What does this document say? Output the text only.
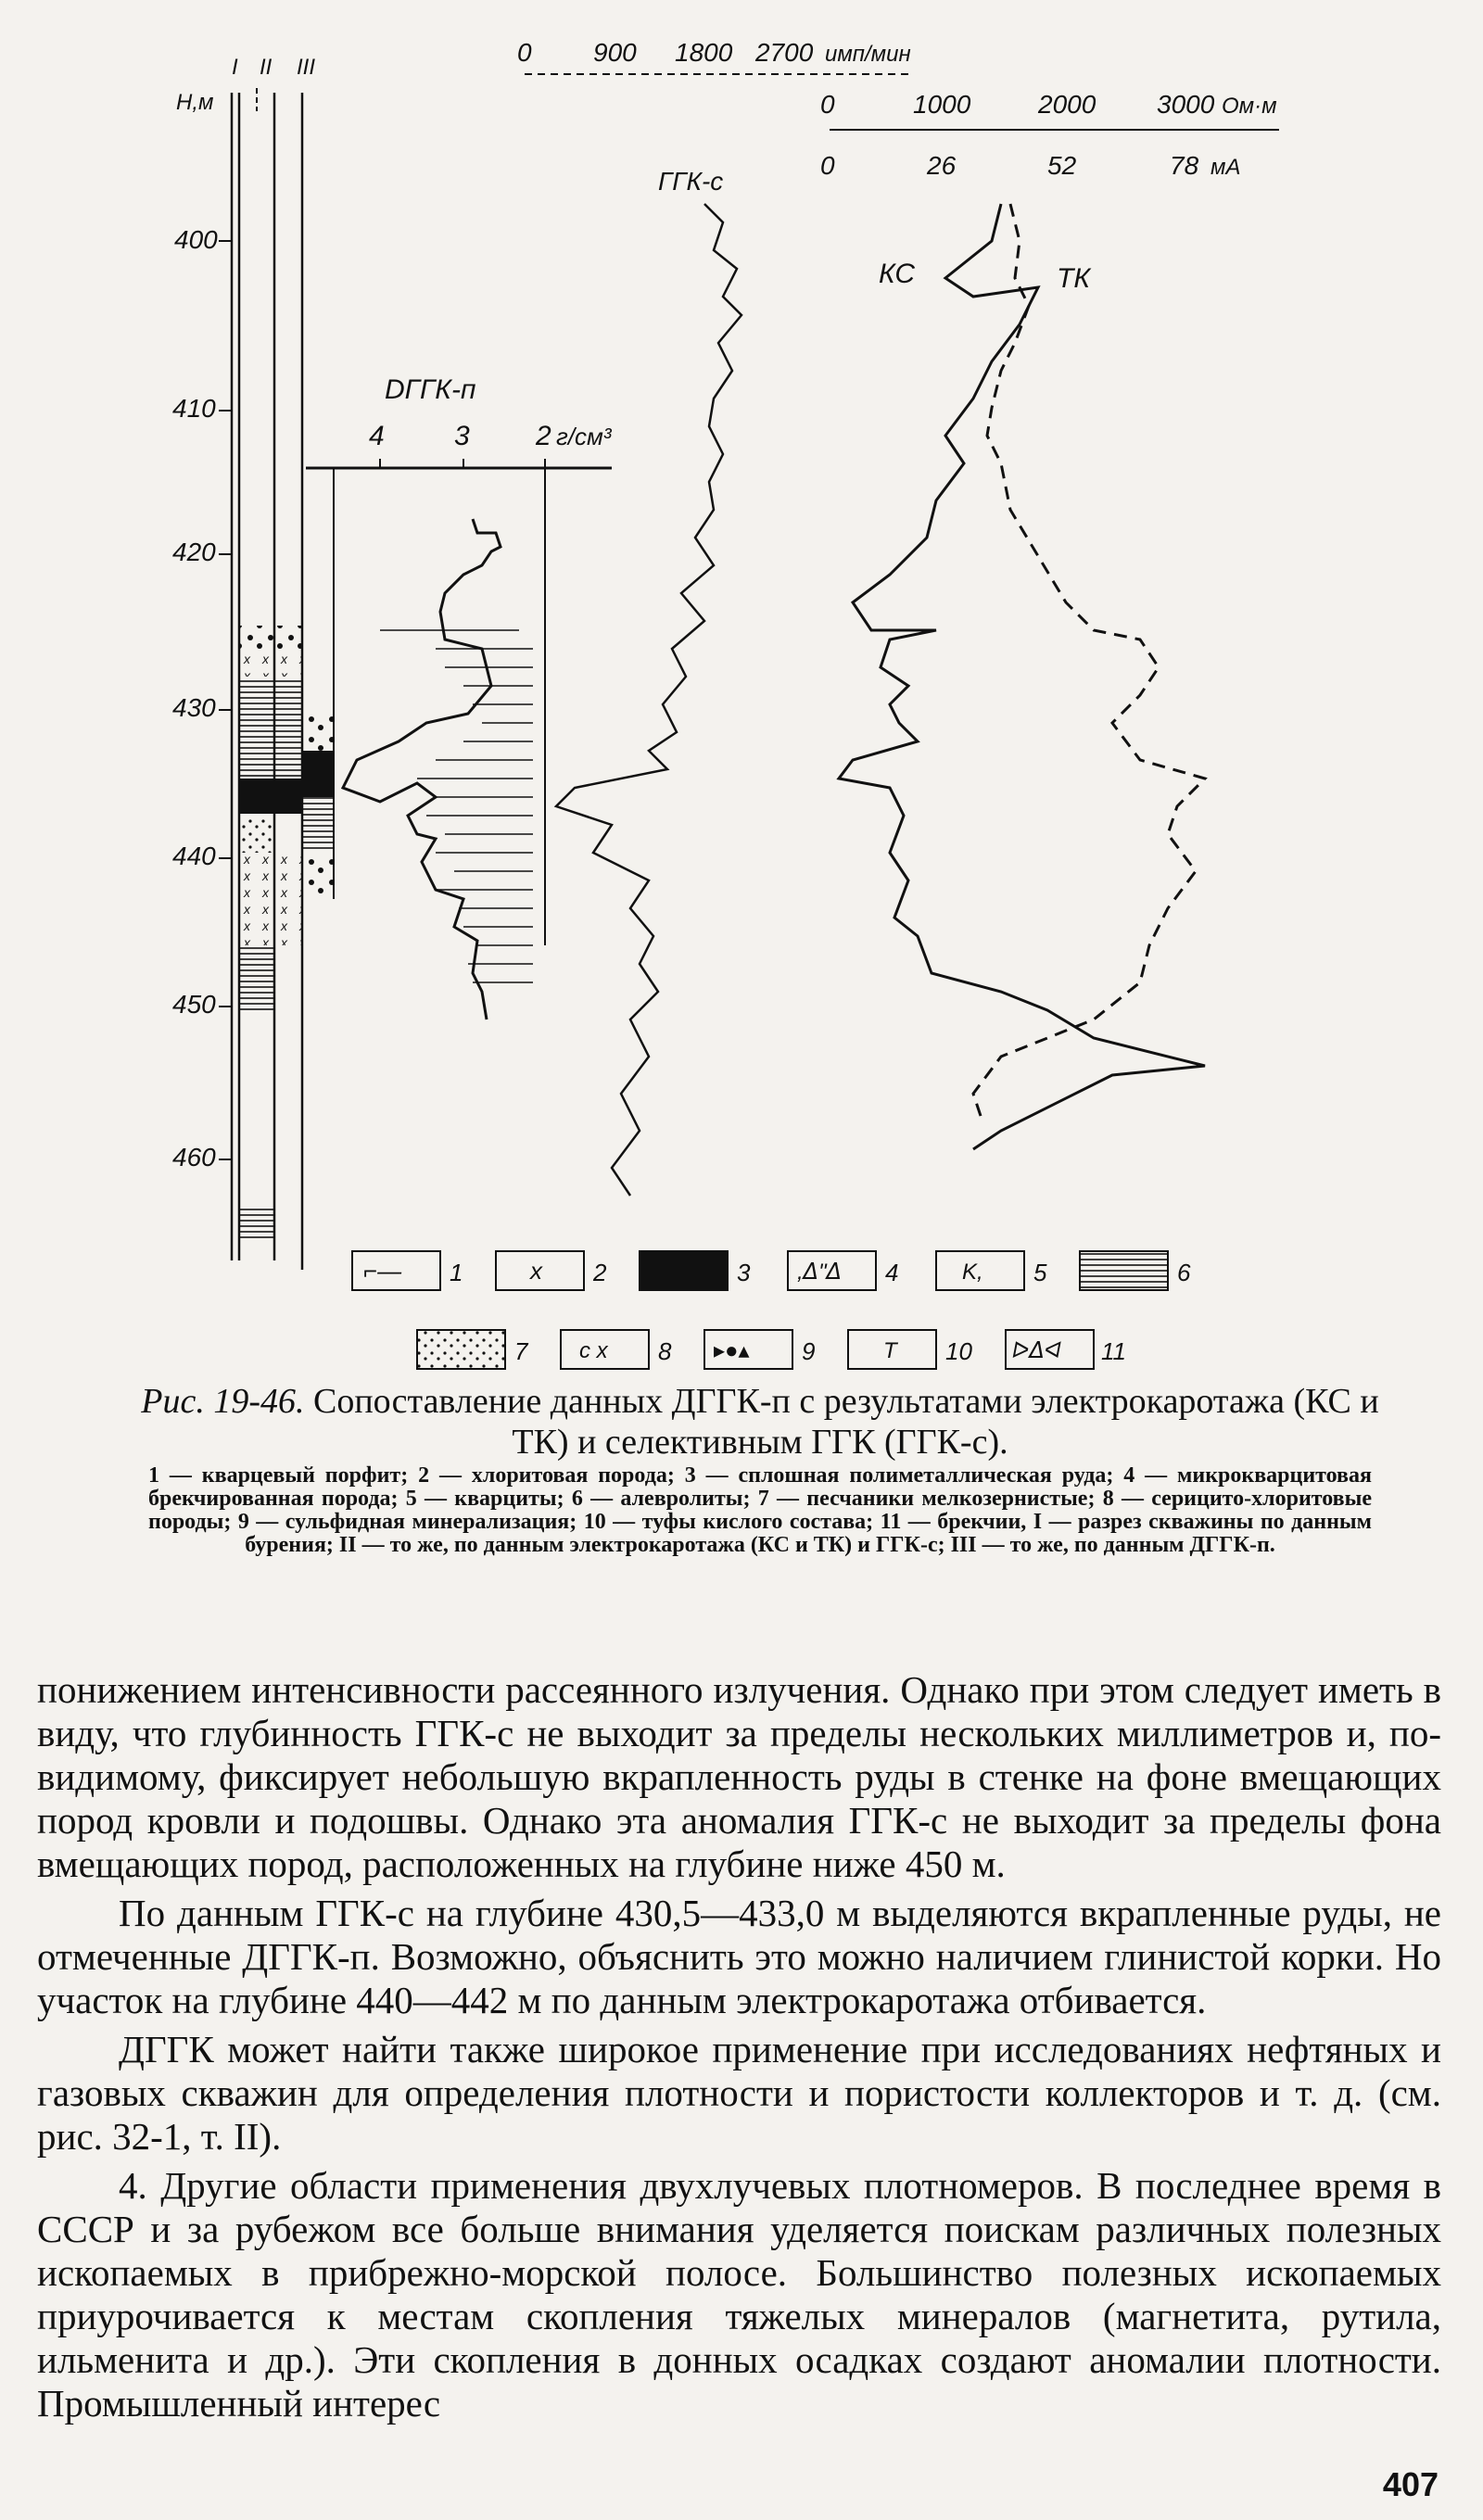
I II III
Н,м
400
410
420
430
440
450
460
0 900 1800 2700 имп/мин
0	1000	2000 3000 Ом·м
0	26	52	78 мА
DГГК-п
4	3 2 г/см³
ГГК-с
КС	ТК
⌐— 1	x 2	3 ,ᐃ"ᐃ 4	K, 5	6
7 c x 8 ▸●▴ 9	T 10 ᐅᐃᐊ 11
Рис. 19-46. Сопоставление данных ДГГК-п с результатами электрокаротажа (КС и ТК) и селективным ГГК (ГГК-с).
1 — кварцевый порфит; 2 — хлоритовая порода; 3 — сплошная полиметаллическая руда; 4 — микрокварцитовая брекчированная порода; 5 — кварциты; 6 — алевролиты; 7 — песчаники мелкозернистые; 8 — серицито-хлоритовые породы; 9 — сульфидная минерализация; 10 — туфы кислого состава; 11 — брекчии, I — разрез скважины по данным бурения; II — то же, по данным электрокаротажа (КС и ТК) и ГГК-с; III — то же, по данным ДГГК-п.

понижением интенсивности рассеянного излучения. Однако при этом следует иметь в виду, что глубинность ГГК-с не выходит за пределы нескольких миллиметров и, по-видимому, фиксирует небольшую вкрапленность руды в стенке на фоне вмещающих пород кровли и подошвы. Однако эта аномалия ГГК-с не выходит за пределы фона вмещающих пород, расположенных на глубине ниже 450 м.

По данным ГГК-с на глубине 430,5—433,0 м выделяются вкрапленные руды, не отмеченные ДГГК-п. Возможно, объяснить это можно наличием глинистой корки. Но участок на глубине 440—442 м по данным электрокаротажа отбивается.

ДГГК может найти также широкое применение при исследованиях нефтяных и газовых скважин для определения плотности и пористости коллекторов и т. д. (см. рис. 32-1, т. II).

4. Другие области применения двухлучевых плотномеров. В последнее время в СССР и за рубежом все больше внимания уделяется поискам различных полезных ископаемых в прибрежно-морской полосе. Большинство полезных ископаемых приурочивается к местам скопления тяжелых минералов (магнетита, рутила, ильменита и др.). Эти скопления в донных осадках создают аномалии плотности. Промышленный интерес

407
